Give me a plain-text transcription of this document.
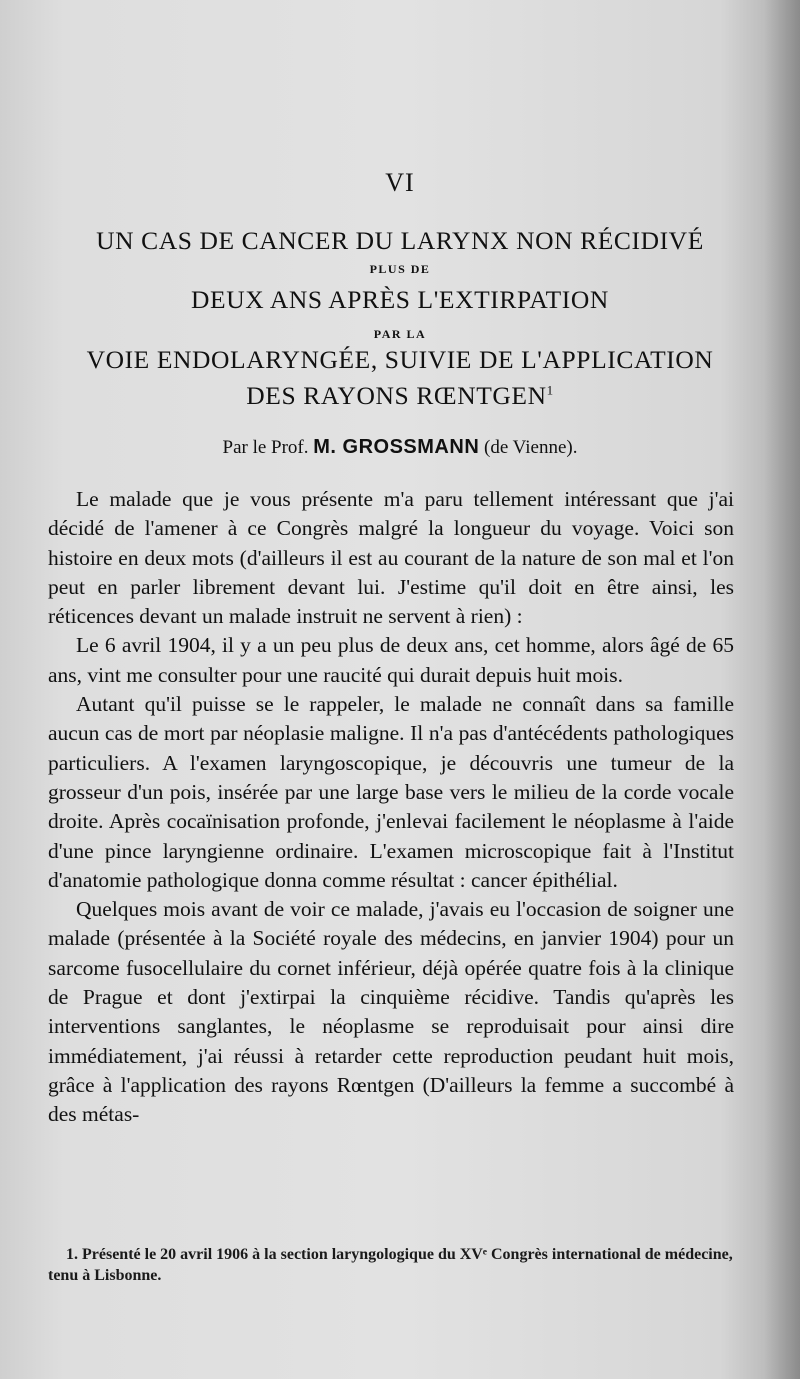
VI
UN CAS DE CANCER DU LARYNX NON RÉCIDIVÉ
PLUS DE
DEUX ANS APRÈS L'EXTIRPATION
PAR LA
VOIE ENDOLARYNGÉE, SUIVIE DE L'APPLICATION
DES RAYONS RŒNTGEN$^1$
Par le Prof. M. GROSSMANN (de Vienne).

Le malade que je vous présente m'a paru tellement intéressant que j'ai décidé de l'amener à ce Congrès malgré la longueur du voyage. Voici son histoire en deux mots (d'ailleurs il est au courant de la nature de son mal et l'on peut en parler librement devant lui. J'estime qu'il doit en être ainsi, les réticences devant un malade instruit ne servent à rien) :

Le 6 avril 1904, il y a un peu plus de deux ans, cet homme, alors âgé de 65 ans, vint me consulter pour une raucité qui durait depuis huit mois.

Autant qu'il puisse se le rappeler, le malade ne connaît dans sa famille aucun cas de mort par néoplasie maligne. Il n'a pas d'antécédents pathologiques particuliers. A l'examen laryngoscopique, je découvris une tumeur de la grosseur d'un pois, insérée par une large base vers le milieu de la corde vocale droite. Après cocaïnisation profonde, j'enlevai facilement le néoplasme à l'aide d'une pince laryngienne ordinaire. L'examen microscopique fait à l'Institut d'anatomie pathologique donna comme résultat : cancer épithélial.

Quelques mois avant de voir ce malade, j'avais eu l'occasion de soigner une malade (présentée à la Société royale des médecins, en janvier 1904) pour un sarcome fusocellulaire du cornet inférieur, déjà opérée quatre fois à la clinique de Prague et dont j'extirpai la cinquième récidive. Tandis qu'après les interventions sanglantes, le néoplasme se reproduisait pour ainsi dire immédiatement, j'ai réussi à retarder cette reproduction peudant huit mois, grâce à l'application des rayons Rœntgen (D'ailleurs la femme a succombé à des métas-

1. Présenté le 20 avril 1906 à la section laryngologique du XVᵉ Congrès international de médecine, tenu à Lisbonne.
